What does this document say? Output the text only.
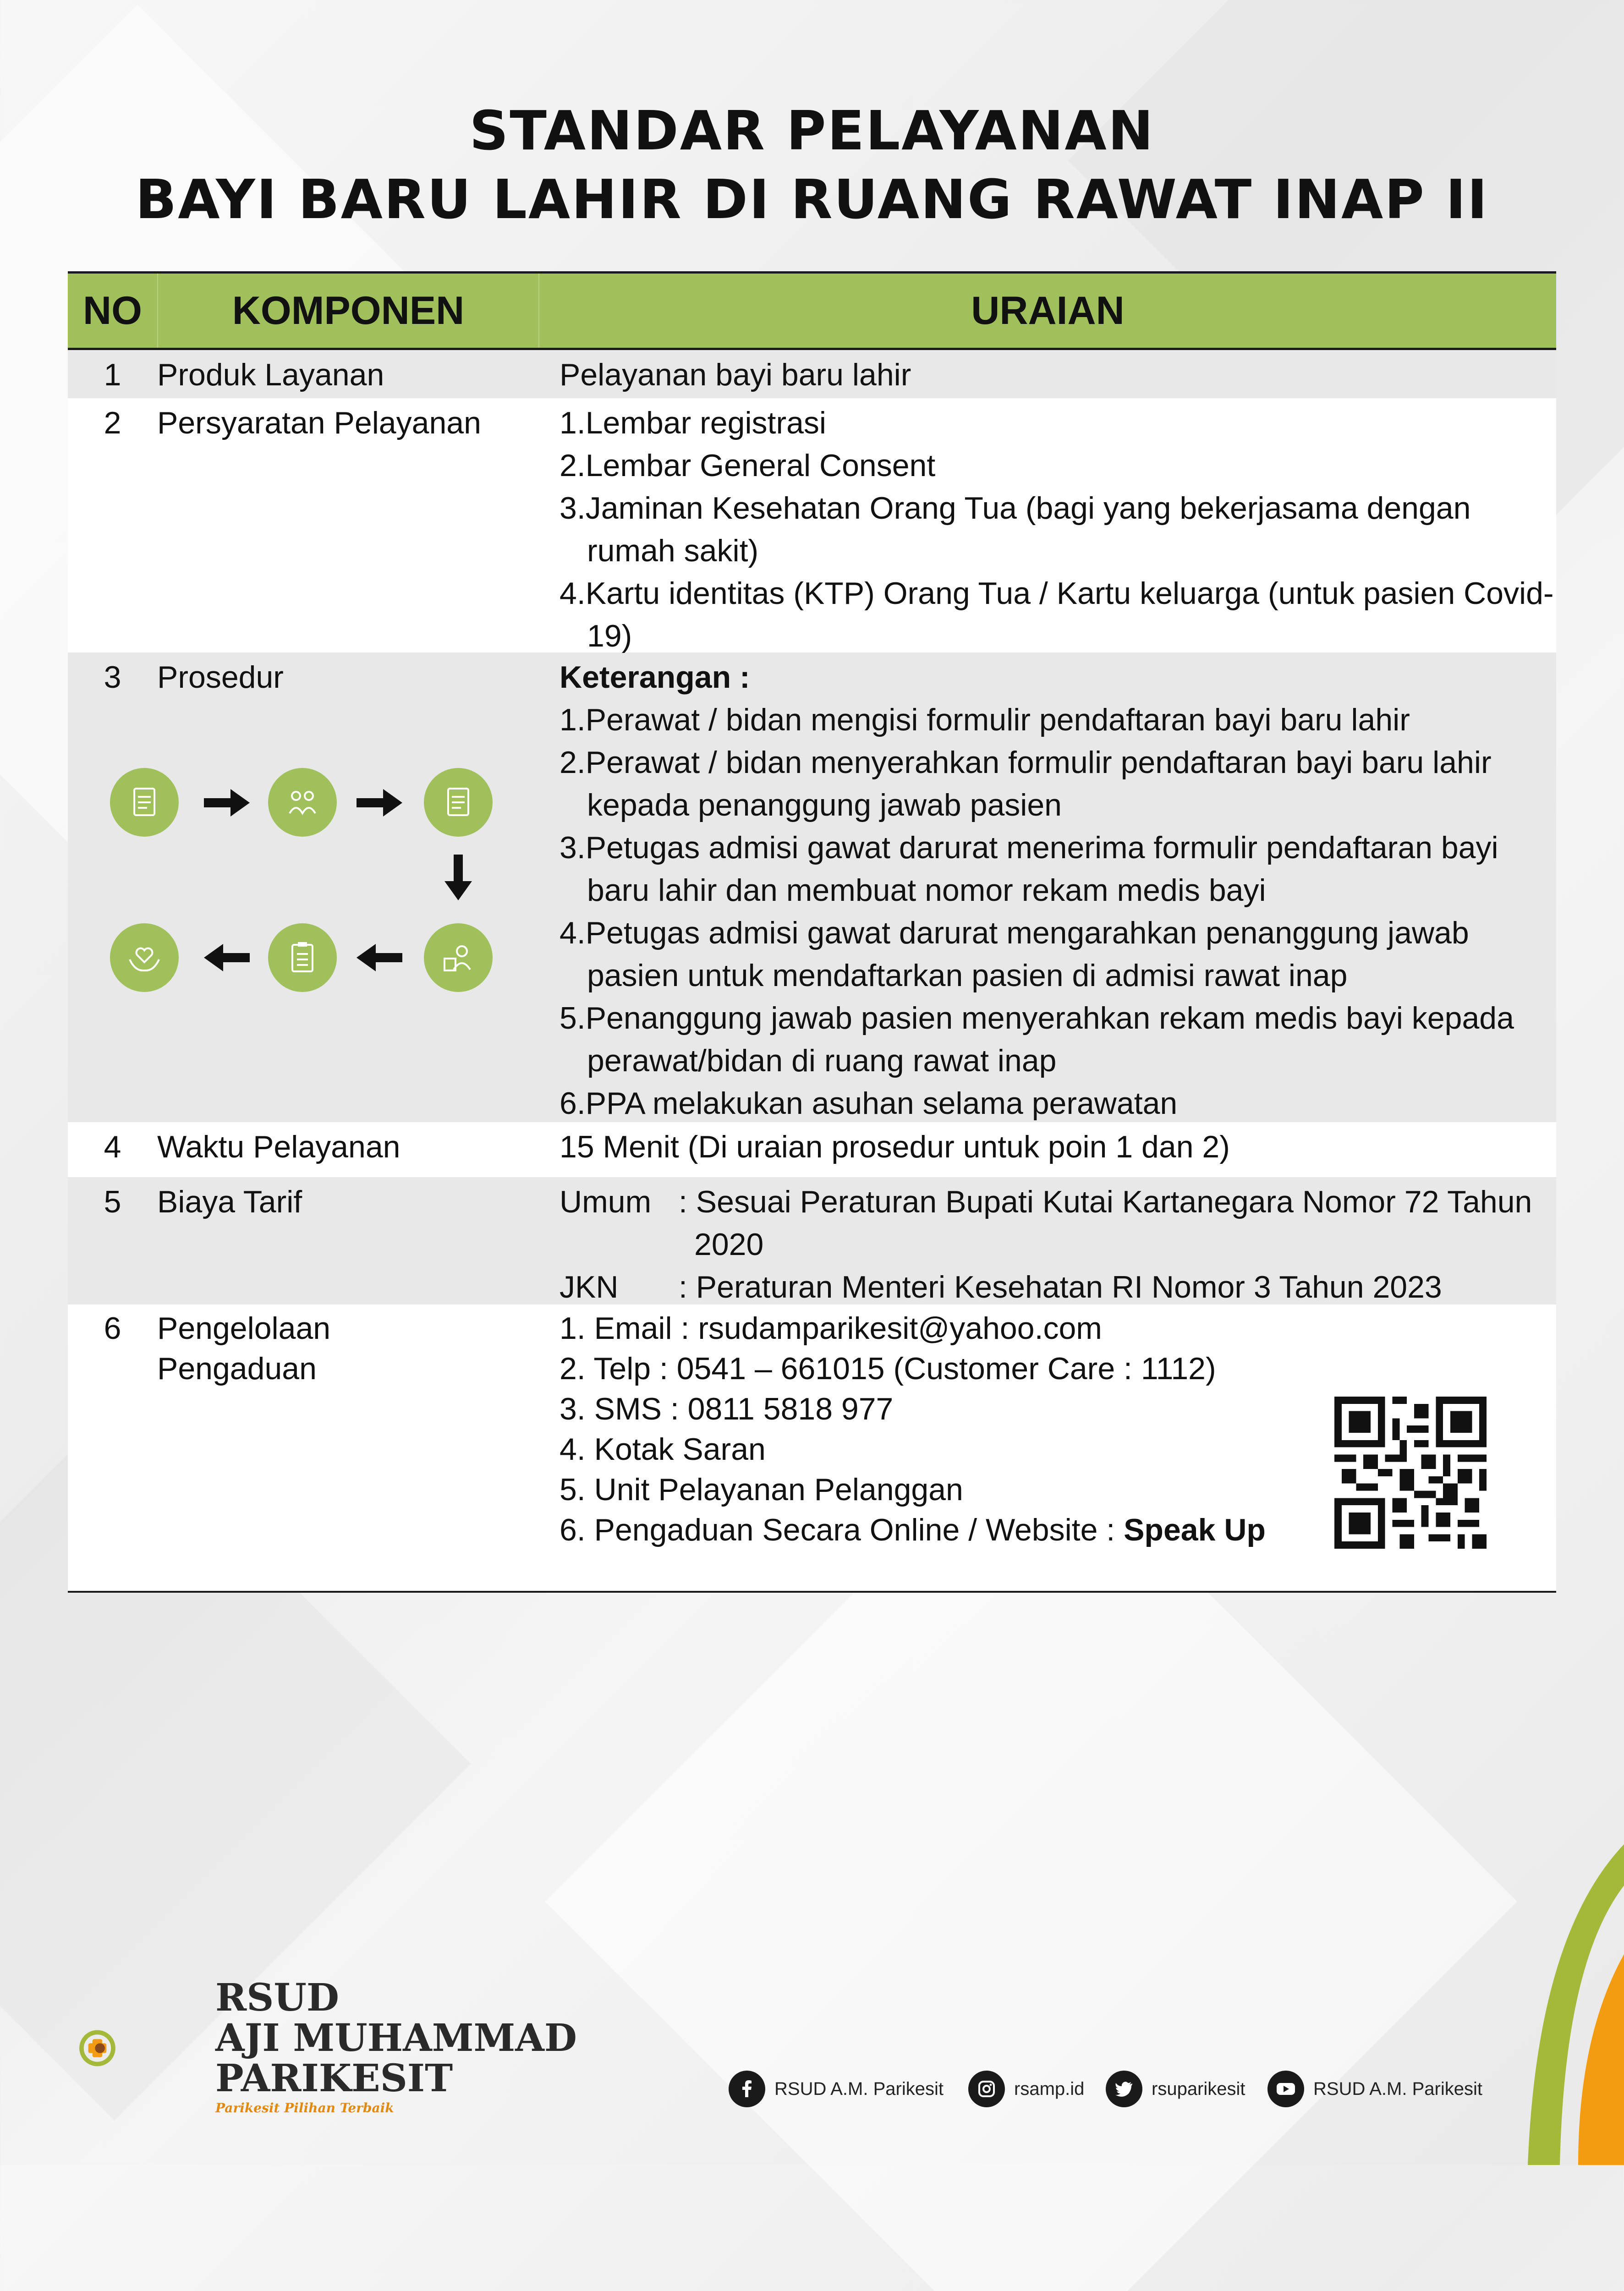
STANDAR PELAYANAN
BAYI BARU LAHIR DI RUANG RAWAT INAP II
NO	KOMPONEN	URAIAN
1	Produk Layanan	Pelayanan bayi baru lahir
2	Persyaratan Pelayanan	1.Lembar registrasi
2.Lembar General Consent
3.Jaminan Kesehatan Orang Tua (bagi yang bekerjasama dengan rumah sakit)
4.Kartu identitas (KTP) Orang Tua / Kartu keluarga (untuk pasien Covid-19)
3	Prosedur	Keterangan :
1.Perawat / bidan mengisi formulir pendaftaran bayi baru lahir
2.Perawat / bidan menyerahkan formulir pendaftaran bayi baru lahir kepada penanggung jawab pasien
3.Petugas admisi gawat darurat menerima formulir pendaftaran bayi baru lahir dan membuat nomor rekam medis bayi
4.Petugas admisi gawat darurat mengarahkan penanggung jawab pasien untuk mendaftarkan pasien di admisi rawat inap
5.Penanggung jawab pasien menyerahkan rekam medis bayi kepada perawat/bidan di ruang rawat inap
6.PPA melakukan asuhan selama perawatan
4	Waktu Pelayanan	15 Menit (Di uraian prosedur untuk poin 1 dan 2)
5	Biaya Tarif	Umum : Sesuai Peraturan Bupati Kutai Kartanegara Nomor 72 Tahun 2020
JKN	: Peraturan Menteri Kesehatan RI Nomor 3 Tahun 2023
6	Pengelolaan
Pengaduan
1. Email : rsudamparikesit@yahoo.com
2. Telp : 0541 – 661015 (Customer Care : 1112)
3. SMS : 0811 5818 977
4. Kotak Saran
5. Unit Pelayanan Pelanggan
6. Pengaduan Secara Online / Website : Speak Up
RSUD
AJI MUHAMMAD
PARIKESIT
Parikesit Pilihan Terbaik
RSUD A.M. Parikesit	rsamp.id	rsuparikesit	RSUD A.M. Parikesit
